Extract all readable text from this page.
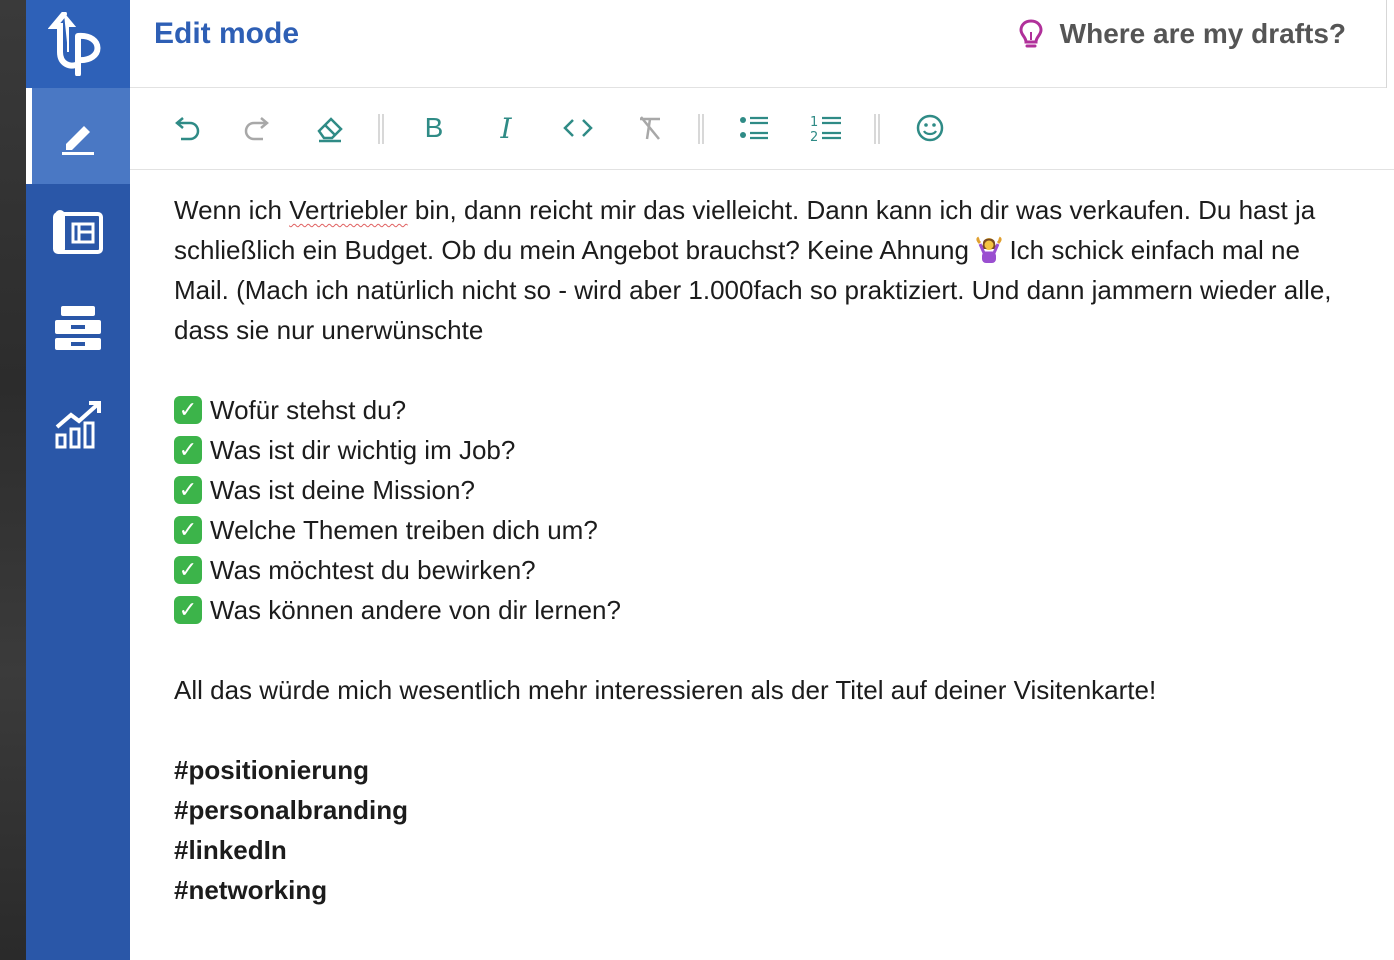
Edit mode	Where are my drafts?
B I	1
2
Wenn ich Vertriebler bin, dann reicht mir das vielleicht. Dann kann ich dir was verkaufen. Du hast ja schließlich ein Budget. Ob du mein Angebot brauchst? Keine Ahnung  Ich schick einfach mal ne Mail. (Mach ich natürlich nicht so - wird aber 1.000fach so praktiziert. Und dann jammern wieder alle, dass sie nur unerwünschte
✓ Wofür stehst du?
✓ Was ist dir wichtig im Job?
✓ Was ist deine Mission?
✓ Welche Themen treiben dich um?
✓ Was möchtest du bewirken?
✓ Was können andere von dir lernen?
All das würde mich wesentlich mehr interessieren als der Titel auf deiner Visitenkarte!
#positionierung
#personalbranding
#linkedIn
#networking
